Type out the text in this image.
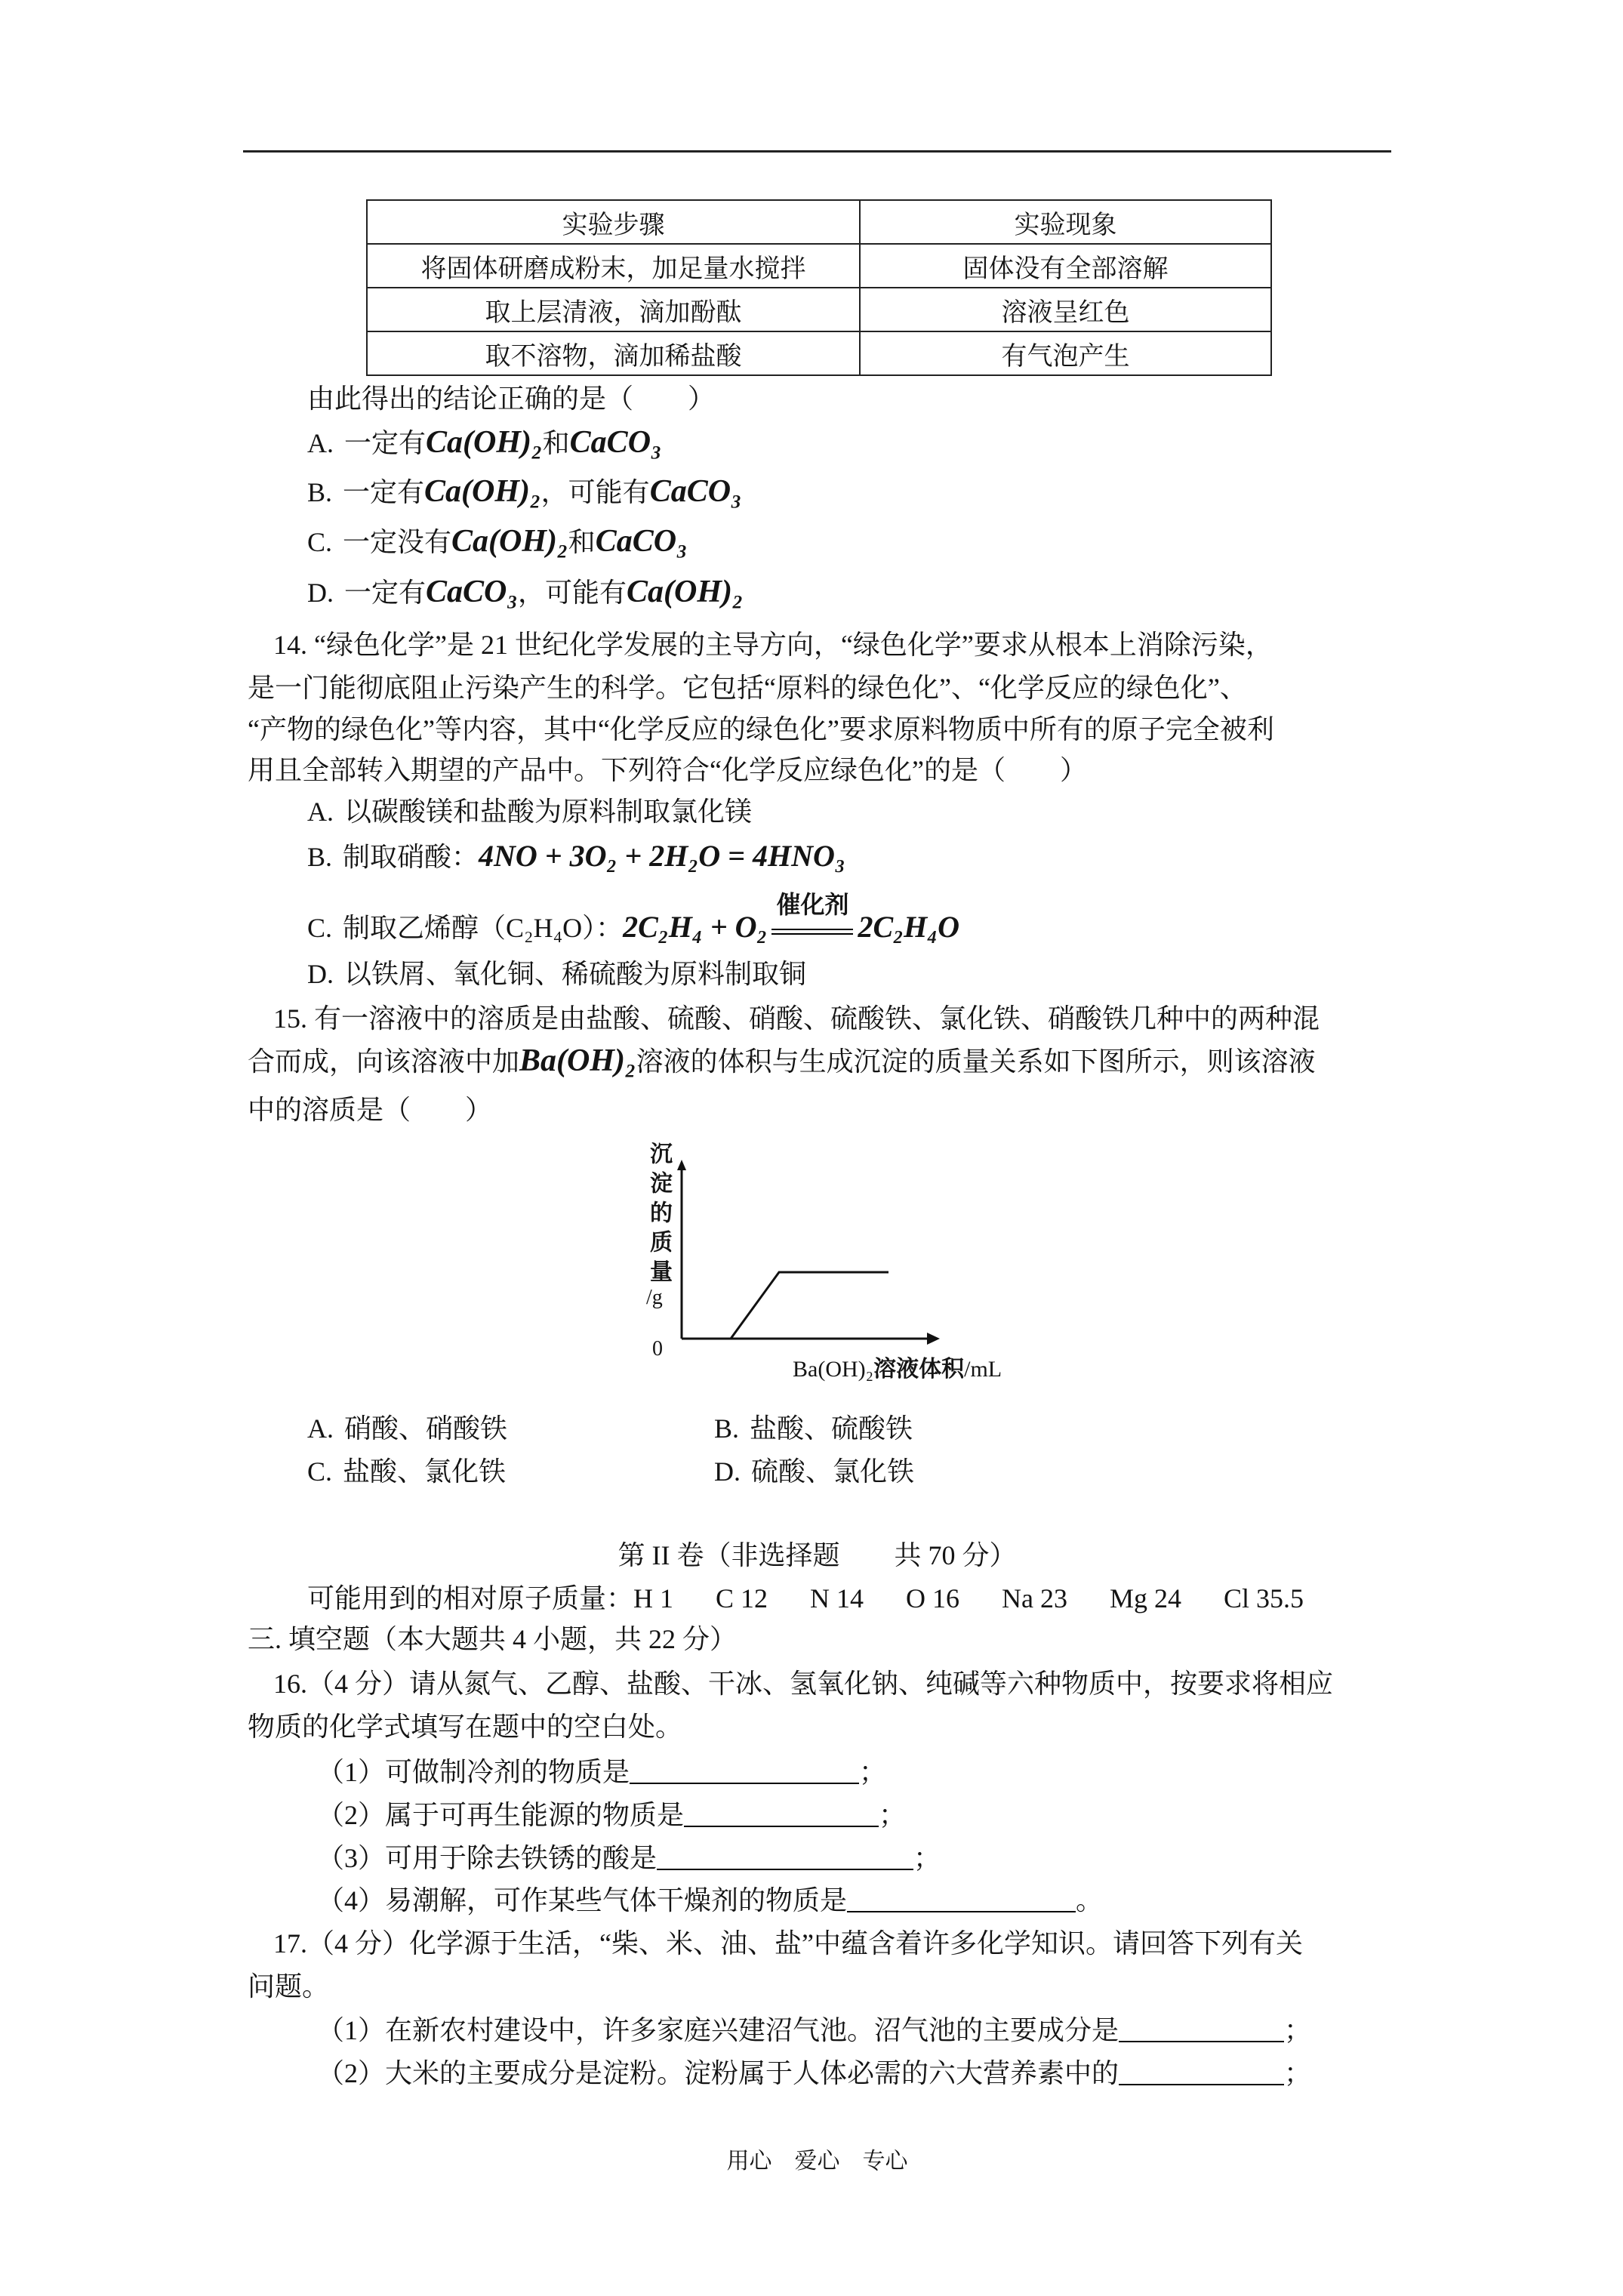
实验步骤	实验现象
将固体研磨成粉末，加足量水搅拌	固体没有全部溶解
取上层清液，滴加酚酞	溶液呈红色
取不溶物，滴加稀盐酸	有气泡产生
由此得出的结论正确的是（　　）
A. 一定有Ca(OH)₂和CaCO₃
B. 一定有Ca(OH)₂，可能有CaCO₃
C. 一定没有Ca(OH)₂和CaCO₃
D. 一定有CaCO₃，可能有Ca(OH)₂
14. “绿色化学”是 21 世纪化学发展的主导方向，“绿色化学”要求从根本上消除污染，
是一门能彻底阻止污染产生的科学。它包括“原料的绿色化”、“化学反应的绿色化”、
“产物的绿色化”等内容，其中“化学反应的绿色化”要求原料物质中所有的原子完全被利
用且全部转入期望的产品中。下列符合“化学反应绿色化”的是（　　）
A. 以碳酸镁和盐酸为原料制取氯化镁
B. 制取硝酸：4NO + 3O₂ + 2H₂O = 4HNO₃
C. 制取乙烯醇（C₂H₄O）：2C₂H₄ + O₂
催化剂
2C₂H₄O
D. 以铁屑、氧化铜、稀硫酸为原料制取铜
15. 有一溶液中的溶质是由盐酸、硫酸、硝酸、硫酸铁、氯化铁、硝酸铁几种中的两种混
合而成，向该溶液中加Ba(OH)₂溶液的体积与生成沉淀的质量关系如下图所示，则该溶液
中的溶质是（　　）
沉淀的质量
/g
0
Ba(OH)₂溶液体积/mL
A. 硝酸、硝酸铁	B. 盐酸、硫酸铁
C. 盐酸、氯化铁	D. 硫酸、氯化铁
第 II 卷（非选择题　　共 70 分）
可能用到的相对原子质量：H 1 C 12 N 14 O 16 Na 23 Mg 24 Cl 35.5
三. 填空题（本大题共 4 小题，共 22 分）
16.（4 分）请从氮气、乙醇、盐酸、干冰、氢氧化钠、纯碱等六种物质中，按要求将相应
物质的化学式填写在题中的空白处。
（1）可做制冷剂的物质是	；
（2）属于可再生能源的物质是	；
（3）可用于除去铁锈的酸是	；
（4）易潮解，可作某些气体干燥剂的物质是	。
17.（4 分）化学源于生活，“柴、米、油、盐”中蕴含着许多化学知识。请回答下列有关
问题。
（1）在新农村建设中，许多家庭兴建沼气池。沼气池的主要成分是	；
（2）大米的主要成分是淀粉。淀粉属于人体必需的六大营养素中的	；
用心　爱心　专心
